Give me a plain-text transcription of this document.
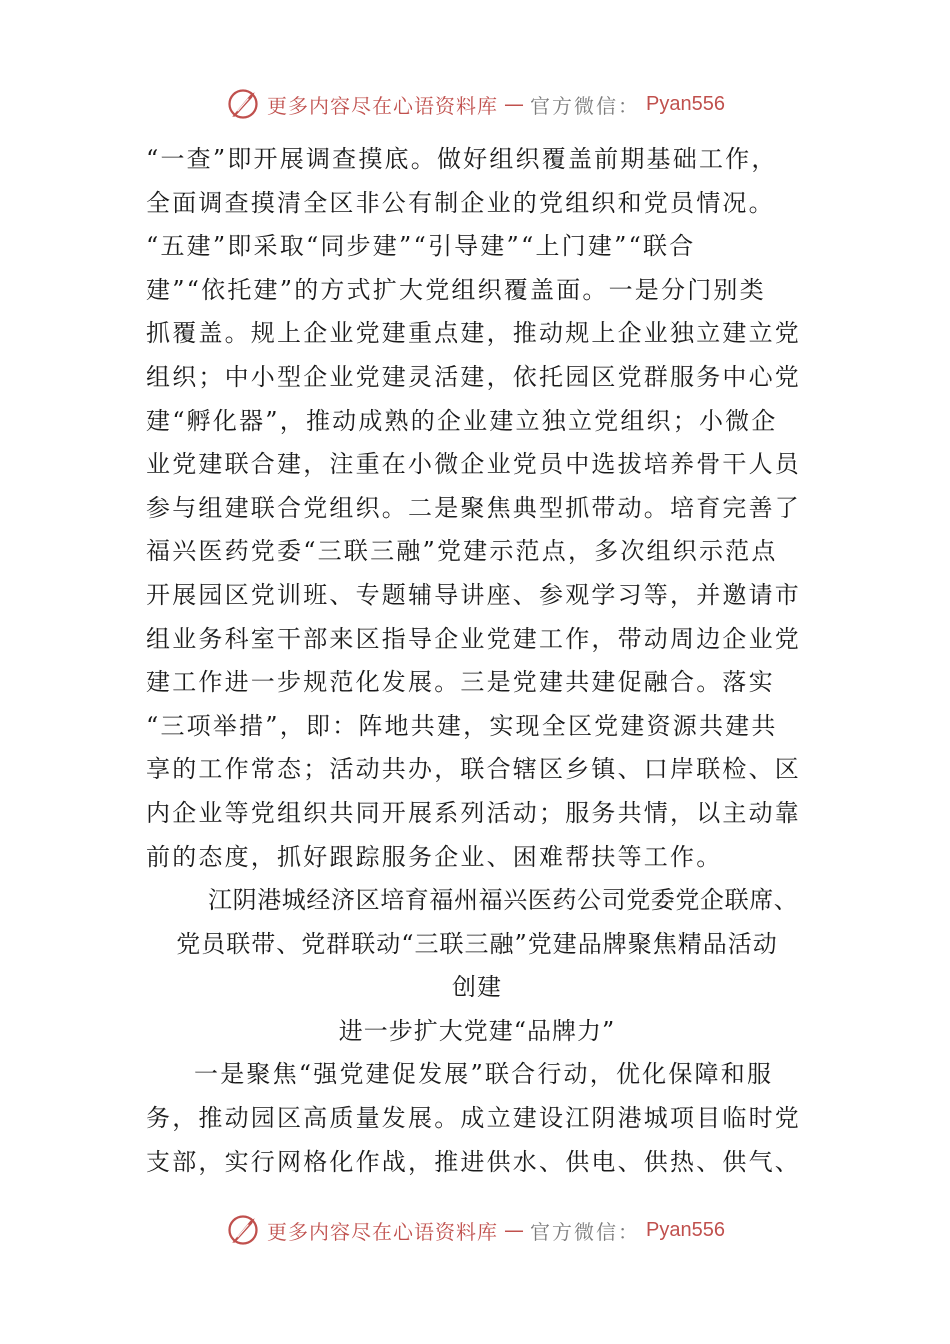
更多内容尽在心语资料库 — 官方微信： Pyan556
“一查”即开展调查摸底。做好组织覆盖前期基础工作，
全面调查摸清全区非公有制企业的党组织和党员情况。
“五建”即采取“同步建”“引导建”“上门建”“联合
建”“依托建”的方式扩大党组织覆盖面。一是分门别类
抓覆盖。规上企业党建重点建，推动规上企业独立建立党
组织；中小型企业党建灵活建，依托园区党群服务中心党
建“孵化器”，推动成熟的企业建立独立党组织；小微企
业党建联合建，注重在小微企业党员中选拔培养骨干人员
参与组建联合党组织。二是聚焦典型抓带动。培育完善了
福兴医药党委“三联三融”党建示范点，多次组织示范点
开展园区党训班、专题辅导讲座、参观学习等，并邀请市
组业务科室干部来区指导企业党建工作，带动周边企业党
建工作进一步规范化发展。三是党建共建促融合。落实
“三项举措”，即：阵地共建，实现全区党建资源共建共
享的工作常态；活动共办，联合辖区乡镇、口岸联检、区
内企业等党组织共同开展系列活动；服务共情，以主动靠
前的态度，抓好跟踪服务企业、困难帮扶等工作。
江阴港城经济区培育福州福兴医药公司党委党企联席、
党员联带、党群联动“三联三融”党建品牌聚焦精品活动
创建
进一步扩大党建“品牌力”
一是聚焦“强党建促发展”联合行动，优化保障和服
务，推动园区高质量发展。成立建设江阴港城项目临时党
支部，实行网格化作战，推进供水、供电、供热、供气、
更多内容尽在心语资料库 — 官方微信： Pyan556
